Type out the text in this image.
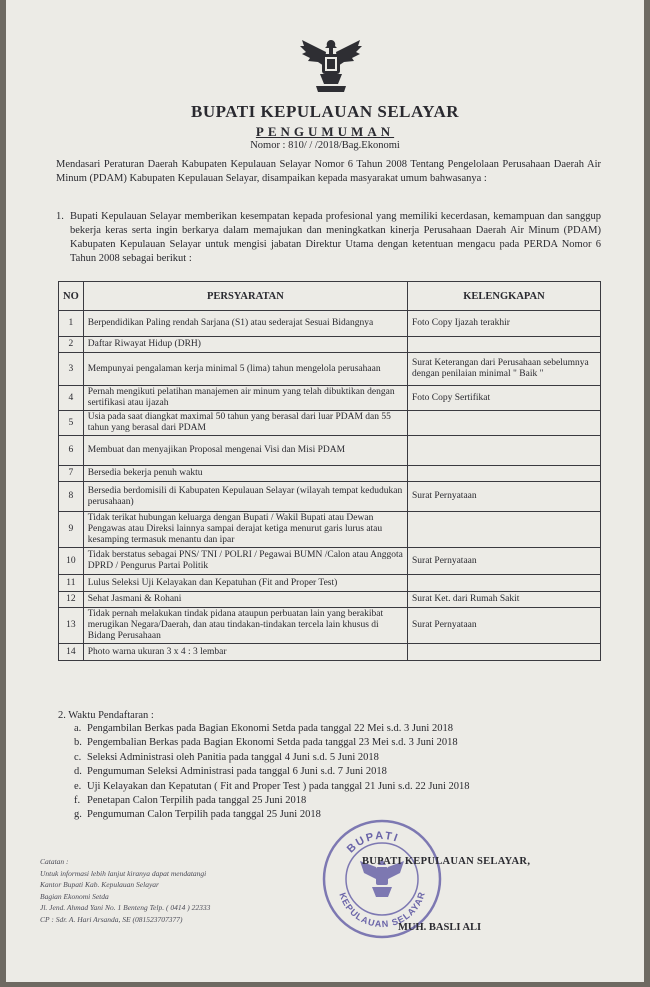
BUPATI KEPULAUAN SELAYAR
PENGUMUMAN
Nomor : 810/ / /2018/Bag.Ekonomi
Mendasari Peraturan Daerah Kabupaten Kepulauan Selayar Nomor 6 Tahun 2008 Tentang Pengelolaan Perusahaan Daerah Air Minum (PDAM) Kabupaten Kepulauan Selayar, disampaikan kepada masyarakat umum bahwasanya :
1. Bupati Kepulauan Selayar memberikan kesempatan kepada profesional yang memiliki kecerdasan, kemampuan dan sanggup bekerja keras serta ingin berkarya dalam memajukan dan meningkatkan kinerja Perusahaan Daerah Air Minum (PDAM) Kabupaten Kepulauan Selayar untuk mengisi jabatan Direktur Utama dengan ketentuan mengacu pada PERDA Nomor 6 Tahun 2008 sebagai berikut :
NO	PERSYARATAN	KELENGKAPAN
1	Berpendidikan Paling rendah Sarjana (S1) atau sederajat Sesuai Bidangnya	Foto Copy Ijazah terakhir
2	Daftar Riwayat Hidup (DRH)	
3	Mempunyai pengalaman kerja minimal 5 (lima) tahun mengelola perusahaan	Surat Keterangan dari Perusahaan sebelumnya dengan penilaian minimal " Baik "
4	Pernah mengikuti pelatihan manajemen air minum yang telah dibuktikan dengan sertifikasi atau ijazah	Foto Copy Sertifikat
5	Usia pada saat diangkat maximal 50 tahun yang berasal dari luar PDAM dan 55 tahun yang berasal dari PDAM	
6	Membuat dan menyajikan Proposal mengenai Visi dan Misi PDAM	
7	Bersedia bekerja penuh waktu	
8	Bersedia berdomisili di Kabupaten Kepulauan Selayar (wilayah tempat kedudukan perusahaan)	Surat Pernyataan
9	Tidak terikat hubungan keluarga dengan Bupati / Wakil Bupati atau Dewan Pengawas atau Direksi lainnya sampai derajat ketiga menurut garis lurus atau kesamping termasuk menantu dan ipar	
10	Tidak berstatus sebagai PNS/ TNI / POLRI / Pegawai BUMN /Calon atau Anggota DPRD / Pengurus Partai Politik	Surat Pernyataan
11	Lulus Seleksi Uji Kelayakan dan Kepatuhan (Fit and Proper Test)	
12	Sehat Jasmani & Rohani	Surat Ket. dari Rumah Sakit
13	Tidak pernah melakukan tindak pidana ataupun perbuatan lain yang berakibat merugikan Negara/Daerah, dan atau tindakan-tindakan tercela lain khusus di Bidang Perusahaan	Surat Pernyataan
14	Photo warna ukuran 3 x 4 : 3 lembar	
2. Waktu Pendaftaran :
a. Pengambilan Berkas pada Bagian Ekonomi Setda pada tanggal 22 Mei s.d. 3 Juni 2018
b. Pengembalian Berkas pada Bagian Ekonomi Setda pada tanggal 23 Mei s.d. 3 Juni 2018
c. Seleksi Administrasi oleh Panitia pada tanggal 4 Juni s.d. 5 Juni 2018
d. Pengumuman Seleksi Administrasi pada tanggal 6 Juni s.d. 7 Juni 2018
e. Uji Kelayakan dan Kepatutan ( Fit and Proper Test ) pada tanggal 21 Juni s.d. 22 Juni 2018
f. Penetapan Calon Terpilih pada tanggal 25 Juni 2018
g. Pengumuman Calon Terpilih pada tanggal 25 Juni 2018
Catatan :
Untuk informasi lebih lanjut kiranya dapat mendatangi
Kantor Bupati Kab. Kepulauan Selayar
Bagian Ekonomi Setda
Jl. Jend. Ahmad Yani No. 1 Benteng Telp. ( 0414 ) 22333
CP : Sdr. A. Hari Arsanda, SE (081523707377)
BUPATI
KEPULAUAN SELAYAR
BUPATI KEPULAUAN SELAYAR,
MUH. BASLI ALI
